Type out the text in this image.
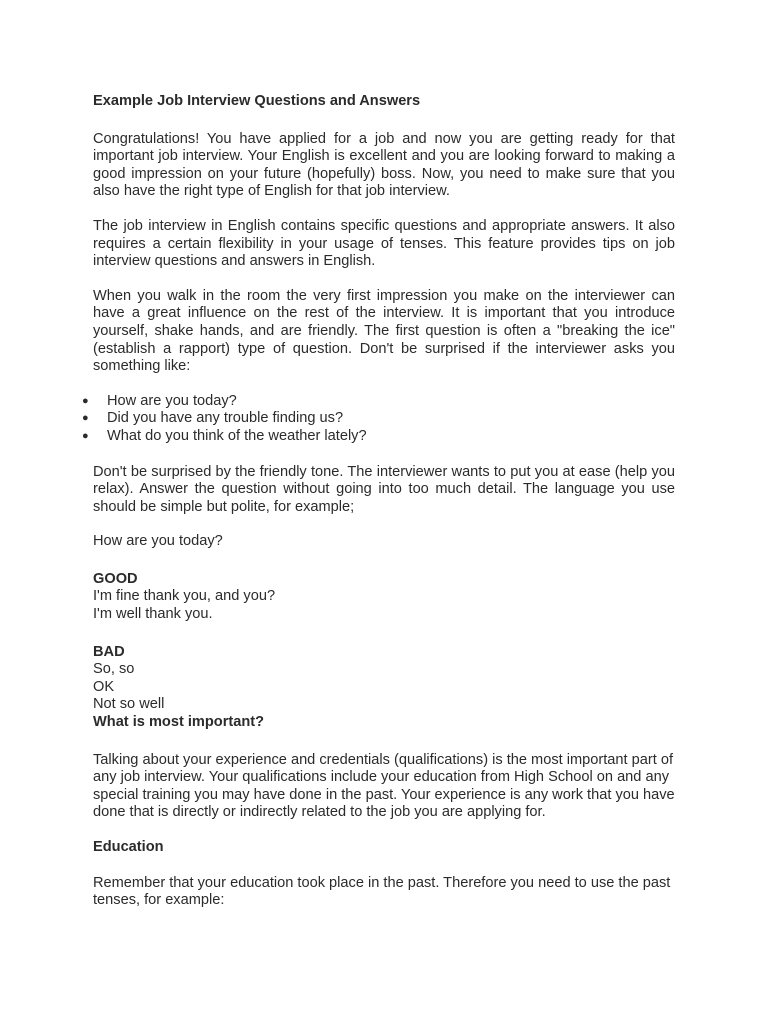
Example Job Interview Questions and Answers

Congratulations! You have applied for a job and now you are getting ready for that important job interview. Your English is excellent and you are looking forward to making a good impression on your future (hopefully) boss. Now, you need to make sure that you also have the right type of English for that job interview.

The job interview in English contains specific questions and appropriate answers. It also requires a certain flexibility in your usage of tenses. This feature provides tips on job interview questions and answers in English.

When you walk in the room the very first impression you make on the interviewer can have a great influence on the rest of the interview. It is important that you introduce yourself, shake hands, and are friendly. The first question is often a "breaking the ice" (establish a rapport) type of question. Don't be surprised if the interviewer asks you something like:

● How are you today?
● Did you have any trouble finding us?
● What do you think of the weather lately?

Don't be surprised by the friendly tone. The interviewer wants to put you at ease (help you relax). Answer the question without going into too much detail. The language you use should be simple but polite, for example;

How are you today?

GOOD
I'm fine thank you, and you?
I'm well thank you.
BAD
So, so
OK
Not so well
What is most important?

Talking about your experience and credentials (qualifications) is the most important part of any job interview. Your qualifications include your education from High School on and any special training you may have done in the past. Your experience is any work that you have done that is directly or indirectly related to the job you are applying for.

Education

Remember that your education took place in the past. Therefore you need to use the past tenses, for example:
